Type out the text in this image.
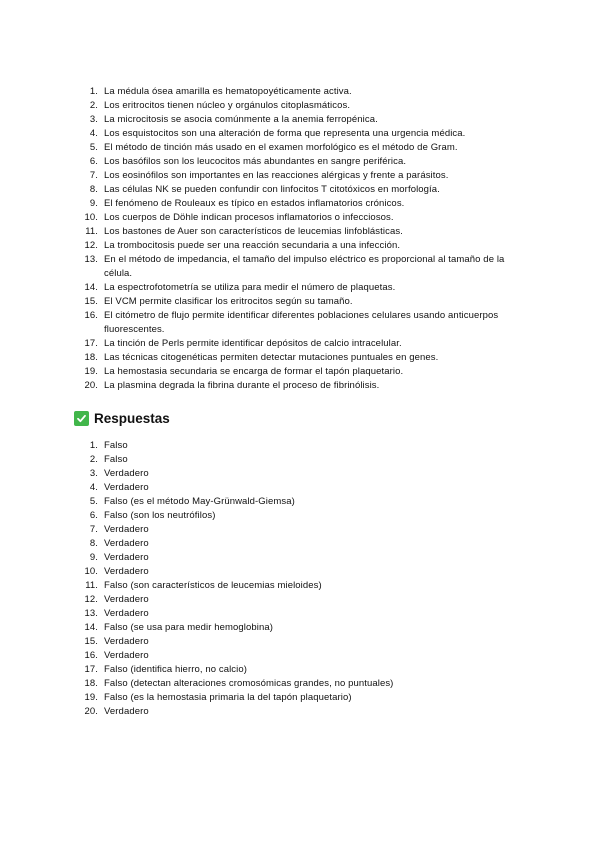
1. La médula ósea amarilla es hematopoyéticamente activa.
2. Los eritrocitos tienen núcleo y orgánulos citoplasmáticos.
3. La microcitosis se asocia comúnmente a la anemia ferropénica.
4. Los esquistocitos son una alteración de forma que representa una urgencia médica.
5. El método de tinción más usado en el examen morfológico es el método de Gram.
6. Los basófilos son los leucocitos más abundantes en sangre periférica.
7. Los eosinófilos son importantes en las reacciones alérgicas y frente a parásitos.
8. Las células NK se pueden confundir con linfocitos T citotóxicos en morfología.
9. El fenómeno de Rouleaux es típico en estados inflamatorios crónicos.
10. Los cuerpos de Döhle indican procesos inflamatorios o infecciosos.
11. Los bastones de Auer son característicos de leucemias linfoblásticas.
12. La trombocitosis puede ser una reacción secundaria a una infección.
13. En el método de impedancia, el tamaño del impulso eléctrico es proporcional al tamaño de la célula.
14. La espectrofotometría se utiliza para medir el número de plaquetas.
15. El VCM permite clasificar los eritrocitos según su tamaño.
16. El citómetro de flujo permite identificar diferentes poblaciones celulares usando anticuerpos fluorescentes.
17. La tinción de Perls permite identificar depósitos de calcio intracelular.
18. Las técnicas citogenéticas permiten detectar mutaciones puntuales en genes.
19. La hemostasia secundaria se encarga de formar el tapón plaquetario.
20. La plasmina degrada la fibrina durante el proceso de fibrinólisis.
Respuestas
1. Falso
2. Falso
3. Verdadero
4. Verdadero
5. Falso (es el método May-Grünwald-Giemsa)
6. Falso (son los neutrófilos)
7. Verdadero
8. Verdadero
9. Verdadero
10. Verdadero
11. Falso (son característicos de leucemias mieloides)
12. Verdadero
13. Verdadero
14. Falso (se usa para medir hemoglobina)
15. Verdadero
16. Verdadero
17. Falso (identifica hierro, no calcio)
18. Falso (detectan alteraciones cromosómicas grandes, no puntuales)
19. Falso (es la hemostasia primaria la del tapón plaquetario)
20. Verdadero
